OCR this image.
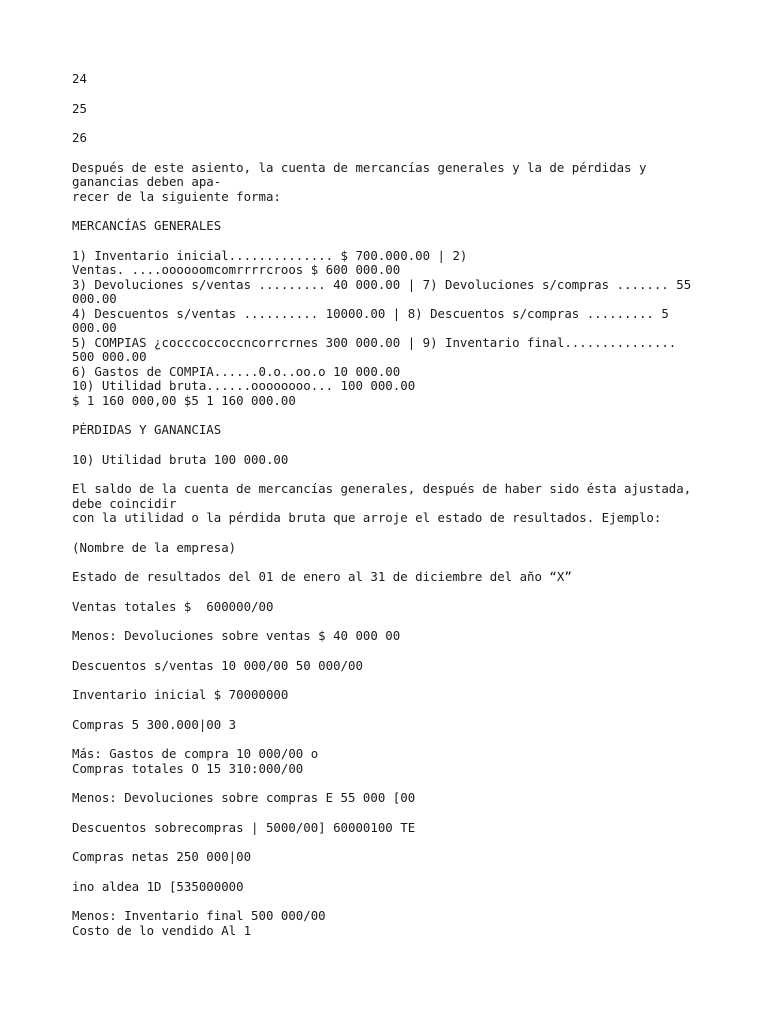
24
25
26
Después de este asiento, la cuenta de mercancías generales y la de pérdidas y
ganancias deben apa-
recer de la siguiente forma:
MERCANCÍAS GENERALES
1) Inventario inicial.............. $ 700.000.00 | 2)
Ventas. ....oooooomcomrrrrcroos $ 600 000.00
3) Devoluciones s/ventas ......... 40 000.00 | 7) Devoluciones s/compras ....... 55
000.00
4) Descuentos s/ventas .......... 10000.00 | 8) Descuentos s/compras ......... 5
000.00
5) COMPIAS ¿cocccoccoccncorrcrnes 300 000.00 | 9) Inventario final...............
500 000.00
6) Gastos de COMPIA......0.o..oo.o 10 000.00
10) Utilidad bruta......oooooooo... 100 000.00
$ 1 160 000,00 $5 1 160 000.00
PÉRDIDAS Y GANANCIAS
10) Utilidad bruta 100 000.00
El saldo de la cuenta de mercancías generales, después de haber sido ésta ajustada,
debe coincidir
con la utilidad o la pérdida bruta que arroje el estado de resultados. Ejemplo:
(Nombre de la empresa)
Estado de resultados del 01 de enero al 31 de diciembre del año “X”
Ventas totales $  600000/00
Menos: Devoluciones sobre ventas $ 40 000 00
Descuentos s/ventas 10 000/00 50 000/00
Inventario inicial $ 70000000
Compras 5 300.000|00 3
Más: Gastos de compra 10 000/00 o
Compras totales O 15 310:000/00
Menos: Devoluciones sobre compras E 55 000 [00
Descuentos sobrecompras | 5000/00] 60000100 TE
Compras netas 250 000|00
ino aldea 1D [535000000
Menos: Inventario final 500 000/00
Costo de lo vendido Al 1
